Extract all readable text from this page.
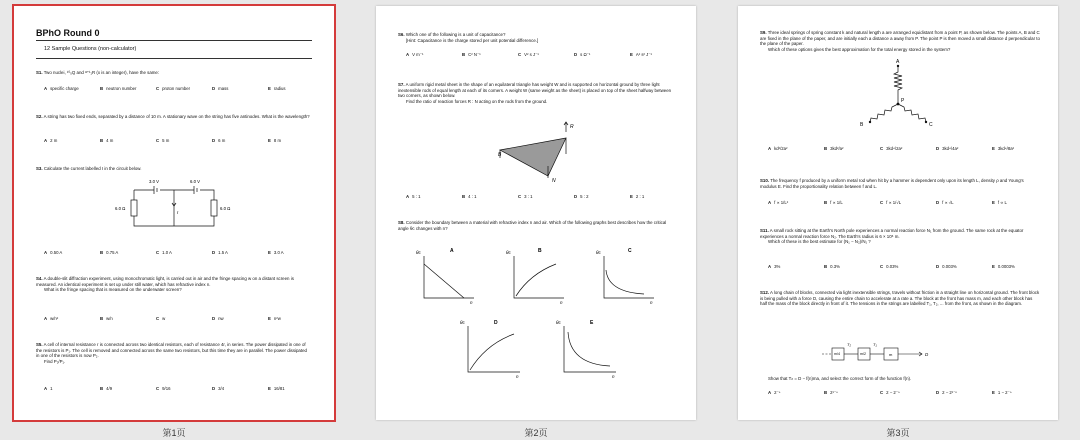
BPhO Round 0
12 Sample Questions (non-calculator)
S1. Two nuclei, ¹⁰₅Q and ᵃ⁺¹₁R (x is an integer), have the same:
A specific charge	B neutron number	C proton number	D mass	E radius
S2. A string has two fixed ends, separated by a distance of 10 m. A stationary wave on the string has five antinodes. What is the wavelength?
A 2 m	B 4 m	C 5 m	D 6 m	E 8 m
S3. Calculate the current labelled I in the circuit below.
3.0 V	6.0 V
6.0 Ω	6.0 Ω
I
A 0.50 A	B 0.75 A	C 1.0 A	D 1.5 A	E 3.0 A
S4. A double-slit diffraction experiment, using monochromatic light, is carried out in air and the fringe spacing w on a distant screen is measured. An identical experiment is set up under still water, which has refractive index n.
What is the fringe spacing that is measured on the underwater screen?
A w/n²	B w/n	C w	D nw	E n²w
S5. A cell of internal resistance r is connected across two identical resistors, each of resistance 4r, in series. The power dissipated in one of the resistors is P₁. The cell is removed and connected across the same two resistors, but this time they are in parallel. The power dissipated in one of the resistors is now P₂.
Find P₂/P₁.
A 1	B 4/9	C 9/16	D 3/4	E 16/81
S6. Which one of the following is a unit of capacitance?
[Hint: Capacitance is the charge stored per unit potential difference.]
A V m⁻¹	B C² N⁻¹	C V² s J⁻¹	D s Ω⁻¹	E A² s² J⁻¹
S7. A uniform rigid metal sheet in the shape of an equilateral triangle has weight W and is supported on horizontal ground by three light inextensible rods of equal length at each of its corners. A weight W (same weight as the sheet) is placed on top of the sheet halfway between two corners, as shown below.
Find the ratio of reaction forces R : N acting on the rods from the ground.
R
B
N
A 5 : 1	B 4 : 1	C 3 : 1	D 5 : 2	E 2 : 1
S8. Consider the boundary between a material with refractive index n and air. Which of the following graphs best describes how the critical angle θc changes with n?
A	B	C
D	E
θc
n
θc
n
θc
n
θc
n
θc
n
S9. Three ideal springs of spring constant k and natural length a are arranged equidistant from a point P, as shown below. The points A, B and C are fixed in the plane of the paper, and are initially each a distance a away from P. The point P is then moved a small distance d perpendicular to the plane of the paper.
Which of these options gives the best approximation for the total energy stored in the system?
A
B	C
P
A kd²/2a²	B 3kd²/a²	C 3kd⁴/2a²	D 3kd⁴/4a²	E 3kd⁴/8a²
S10. The frequency f produced by a uniform metal rod when hit by a hammer is dependent only upon its length L, density ρ and Young's modulus E. Find the proportionality relation between f and L.
A f ∝ 1/L²	B f ∝ 1/L	C f ∝ 1/√L	D f ∝ √L	E f ∝ L
S11. A small rock sitting at the Earth's North pole experiences a normal reaction force N₁ from the ground. The same rock at the equator experiences a normal reaction force N₂. The Earth's radius is 6 × 10⁶ m.
Which of these is the best estimate for (N₁ − N₂)/N₁ ?
A 3%	B 0.3%	C 0.03%	D 0.003%	E 0.0003%
S12. A long chain of blocks, connected via light inextensible strings, travels without friction in a straight line on horizontal ground. The front block is being pulled with a force D, causing the entire chain to accelerate at a rate a. The block at the front has mass m, and each other block has half the mass of the block directly in front of it. The tensions in the strings are labelled T₁, T₂, ... from the front, as shown in the diagram.
m/4	m/2	m
T₂	T₁
D
Show that Tₙ = D − f(n)ma, and select the correct form of the function f(n).
A 2⁻ⁿ	B 2¹⁻ⁿ	C 2 − 2⁻ⁿ	D 2 − 2¹⁻ⁿ	E 1 − 2⁻ⁿ
第1页	第2页	第3页
